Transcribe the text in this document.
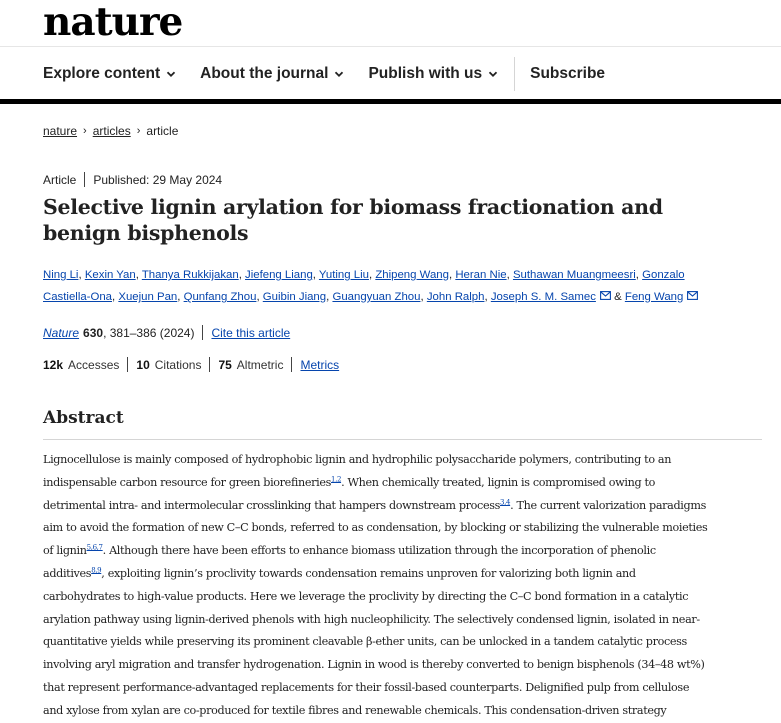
nature
Explore content	About the journal	Publish with us	Subscribe
nature › articles › article
Article Published: 29 May 2024
Selective lignin arylation for biomass fractionation and benign bisphenols
Ning Li, Kexin Yan, Thanya Rukkijakan, Jiefeng Liang, Yuting Liu, Zhipeng Wang, Heran Nie, Suthawan Muangmeesri, Gonzalo
Castiella-Ona, Xuejun Pan, Qunfang Zhou, Guibin Jiang, Guangyuan Zhou, John Ralph, Joseph S. M. Samec & Feng Wang
Nature 630 , 381–386 (2024) Cite this article
12k Accesses 10 Citations 75 Altmetric Metrics
Abstract
Lignocellulose is mainly composed of hydrophobic lignin and hydrophilic polysaccharide polymers, contributing to an
indispensable carbon resource for green biorefineries$^{1,2}$. When chemically treated, lignin is compromised owing to
detrimental intra- and intermolecular crosslinking that hampers downstream process$^{3,4}$. The current valorization paradigms
aim to avoid the formation of new C–C bonds, referred to as condensation, by blocking or stabilizing the vulnerable moieties
of lignin$^{5,6,7}$. Although there have been efforts to enhance biomass utilization through the incorporation of phenolic
additives$^{8,9}$, exploiting lignin’s proclivity towards condensation remains unproven for valorizing both lignin and
carbohydrates to high-value products. Here we leverage the proclivity by directing the C–C bond formation in a catalytic
arylation pathway using lignin-derived phenols with high nucleophilicity. The selectively condensed lignin, isolated in near-
quantitative yields while preserving its prominent cleavable β-ether units, can be unlocked in a tandem catalytic process
involving aryl migration and transfer hydrogenation. Lignin in wood is thereby converted to benign bisphenols (34–48 wt%)
that represent performance-advantaged replacements for their fossil-based counterparts. Delignified pulp from cellulose
and xylose from xylan are co-produced for textile fibres and renewable chemicals. This condensation-driven strategy
